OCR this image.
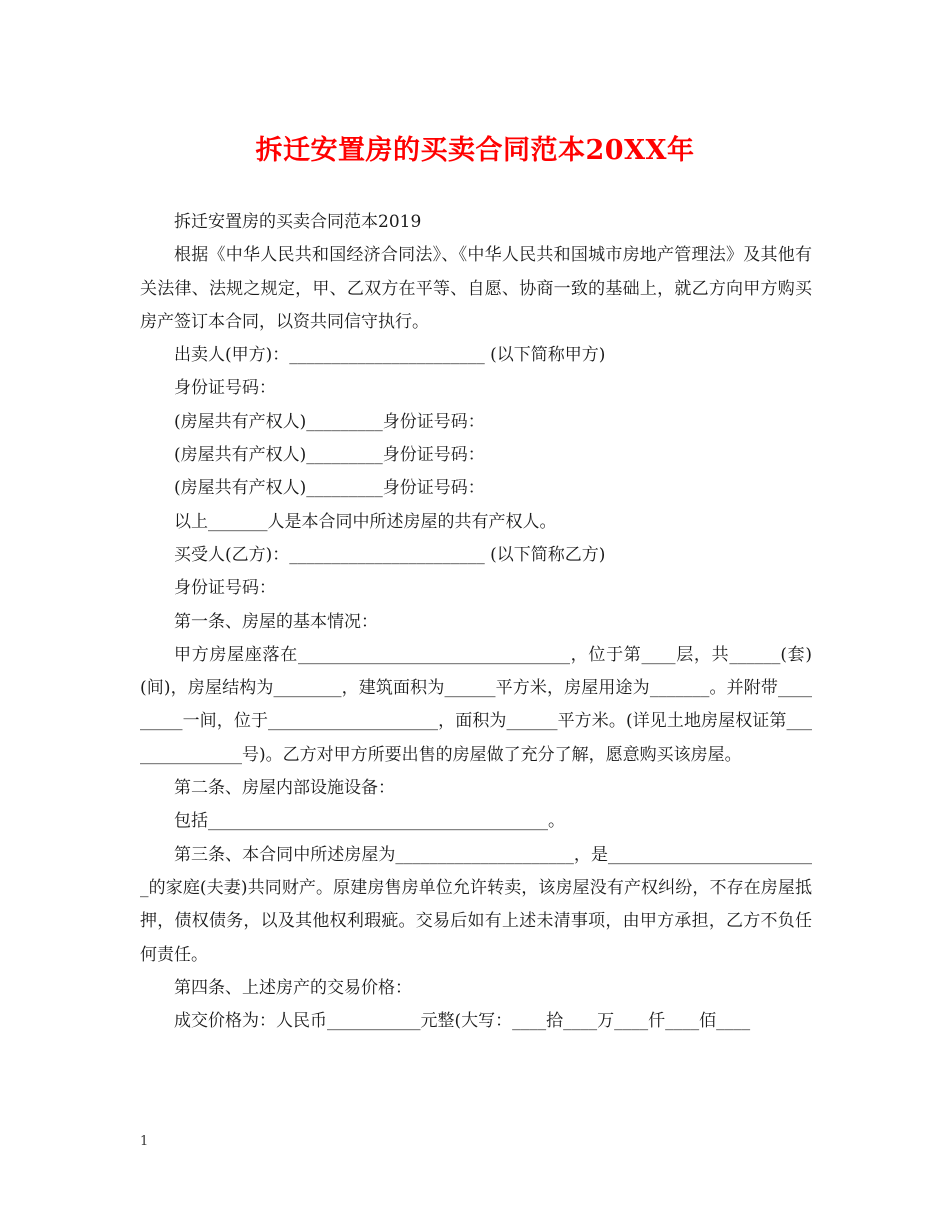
拆迁安置房的买卖合同范本20XX年

拆迁安置房的买卖合同范本2019

根据《中华人民共和国经济合同法》、《中华人民共和国城市房地产管理法》及其他有关法律、法规之规定，甲、乙双方在平等、自愿、协商一致的基础上，就乙方向甲方购买房产签订本合同，以资共同信守执行。

出卖人(甲方)：_______________________ (以下简称甲方)

身份证号码：

(房屋共有产权人)_________身份证号码：

(房屋共有产权人)_________身份证号码：

(房屋共有产权人)_________身份证号码：

以上_______人是本合同中所述房屋的共有产权人。

买受人(乙方)：_______________________ (以下简称乙方)

身份证号码：

第一条、房屋的基本情况：

甲方房屋座落在________________________________，位于第____层，共______(套)(间)，房屋结构为________，建筑面积为______平方米，房屋用途为_______。并附带_________一间，位于____________________，面积为______平方米。(详见土地房屋权证第_______________号)。乙方对甲方所要出售的房屋做了充分了解，愿意购买该房屋。

第二条、房屋内部设施设备：

包括________________________________________。

第三条、本合同中所述房屋为_____________________，是_________________________的家庭(夫妻)共同财产。原建房售房单位允许转卖，该房屋没有产权纠纷，不存在房屋抵押，债权债务，以及其他权利瑕疵。交易后如有上述未清事项，由甲方承担，乙方不负任何责任。

第四条、上述房产的交易价格：

成交价格为：人民币___________元整(大写：____拾____万____仟____佰____

1
